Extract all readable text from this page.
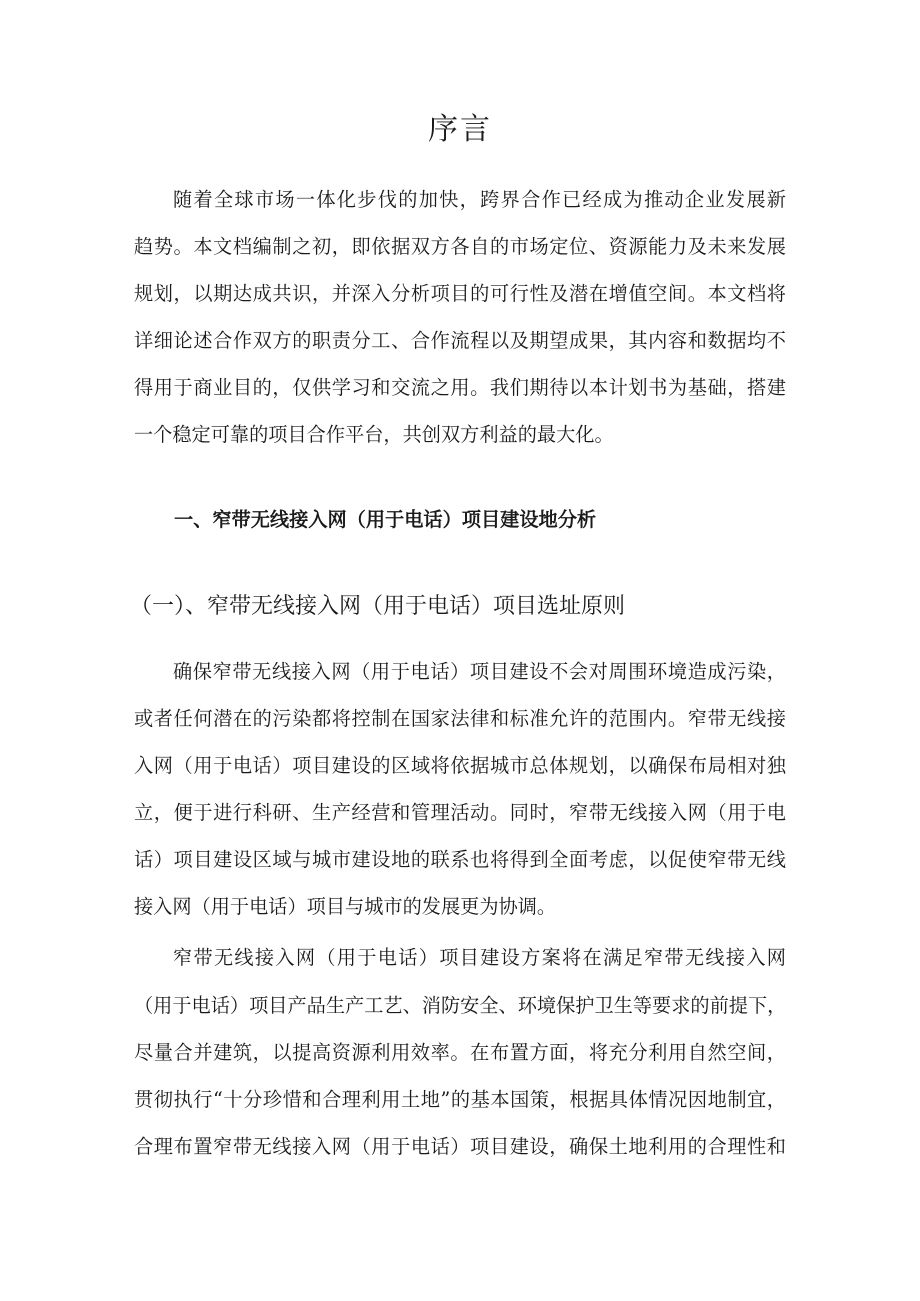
序言

随着全球市场一体化步伐的加快，跨界合作已经成为推动企业发展新

趋势。本文档编制之初，即依据双方各自的市场定位、资源能力及未来发展

规划，以期达成共识，并深入分析项目的可行性及潜在增值空间。本文档将

详细论述合作双方的职责分工、合作流程以及期望成果，其内容和数据均不

得用于商业目的，仅供学习和交流之用。我们期待以本计划书为基础，搭建

一个稳定可靠的项目合作平台，共创双方利益的最大化。

一、窄带无线接入网（用于电话）项目建设地分析
（一）、窄带无线接入网（用于电话）项目选址原则

确保窄带无线接入网（用于电话）项目建设不会对周围环境造成污染，

或者任何潜在的污染都将控制在国家法律和标准允许的范围内。窄带无线接

入网（用于电话）项目建设的区域将依据城市总体规划，以确保布局相对独

立，便于进行科研、生产经营和管理活动。同时，窄带无线接入网（用于电

话）项目建设区域与城市建设地的联系也将得到全面考虑，以促使窄带无线

接入网（用于电话）项目与城市的发展更为协调。

窄带无线接入网（用于电话）项目建设方案将在满足窄带无线接入网

（用于电话）项目产品生产工艺、消防安全、环境保护卫生等要求的前提下，

尽量合并建筑，以提高资源利用效率。在布置方面，将充分利用自然空间，

贯彻执行“十分珍惜和合理利用土地”的基本国策，根据具体情况因地制宜，

合理布置窄带无线接入网（用于电话）项目建设，确保土地利用的合理性和
